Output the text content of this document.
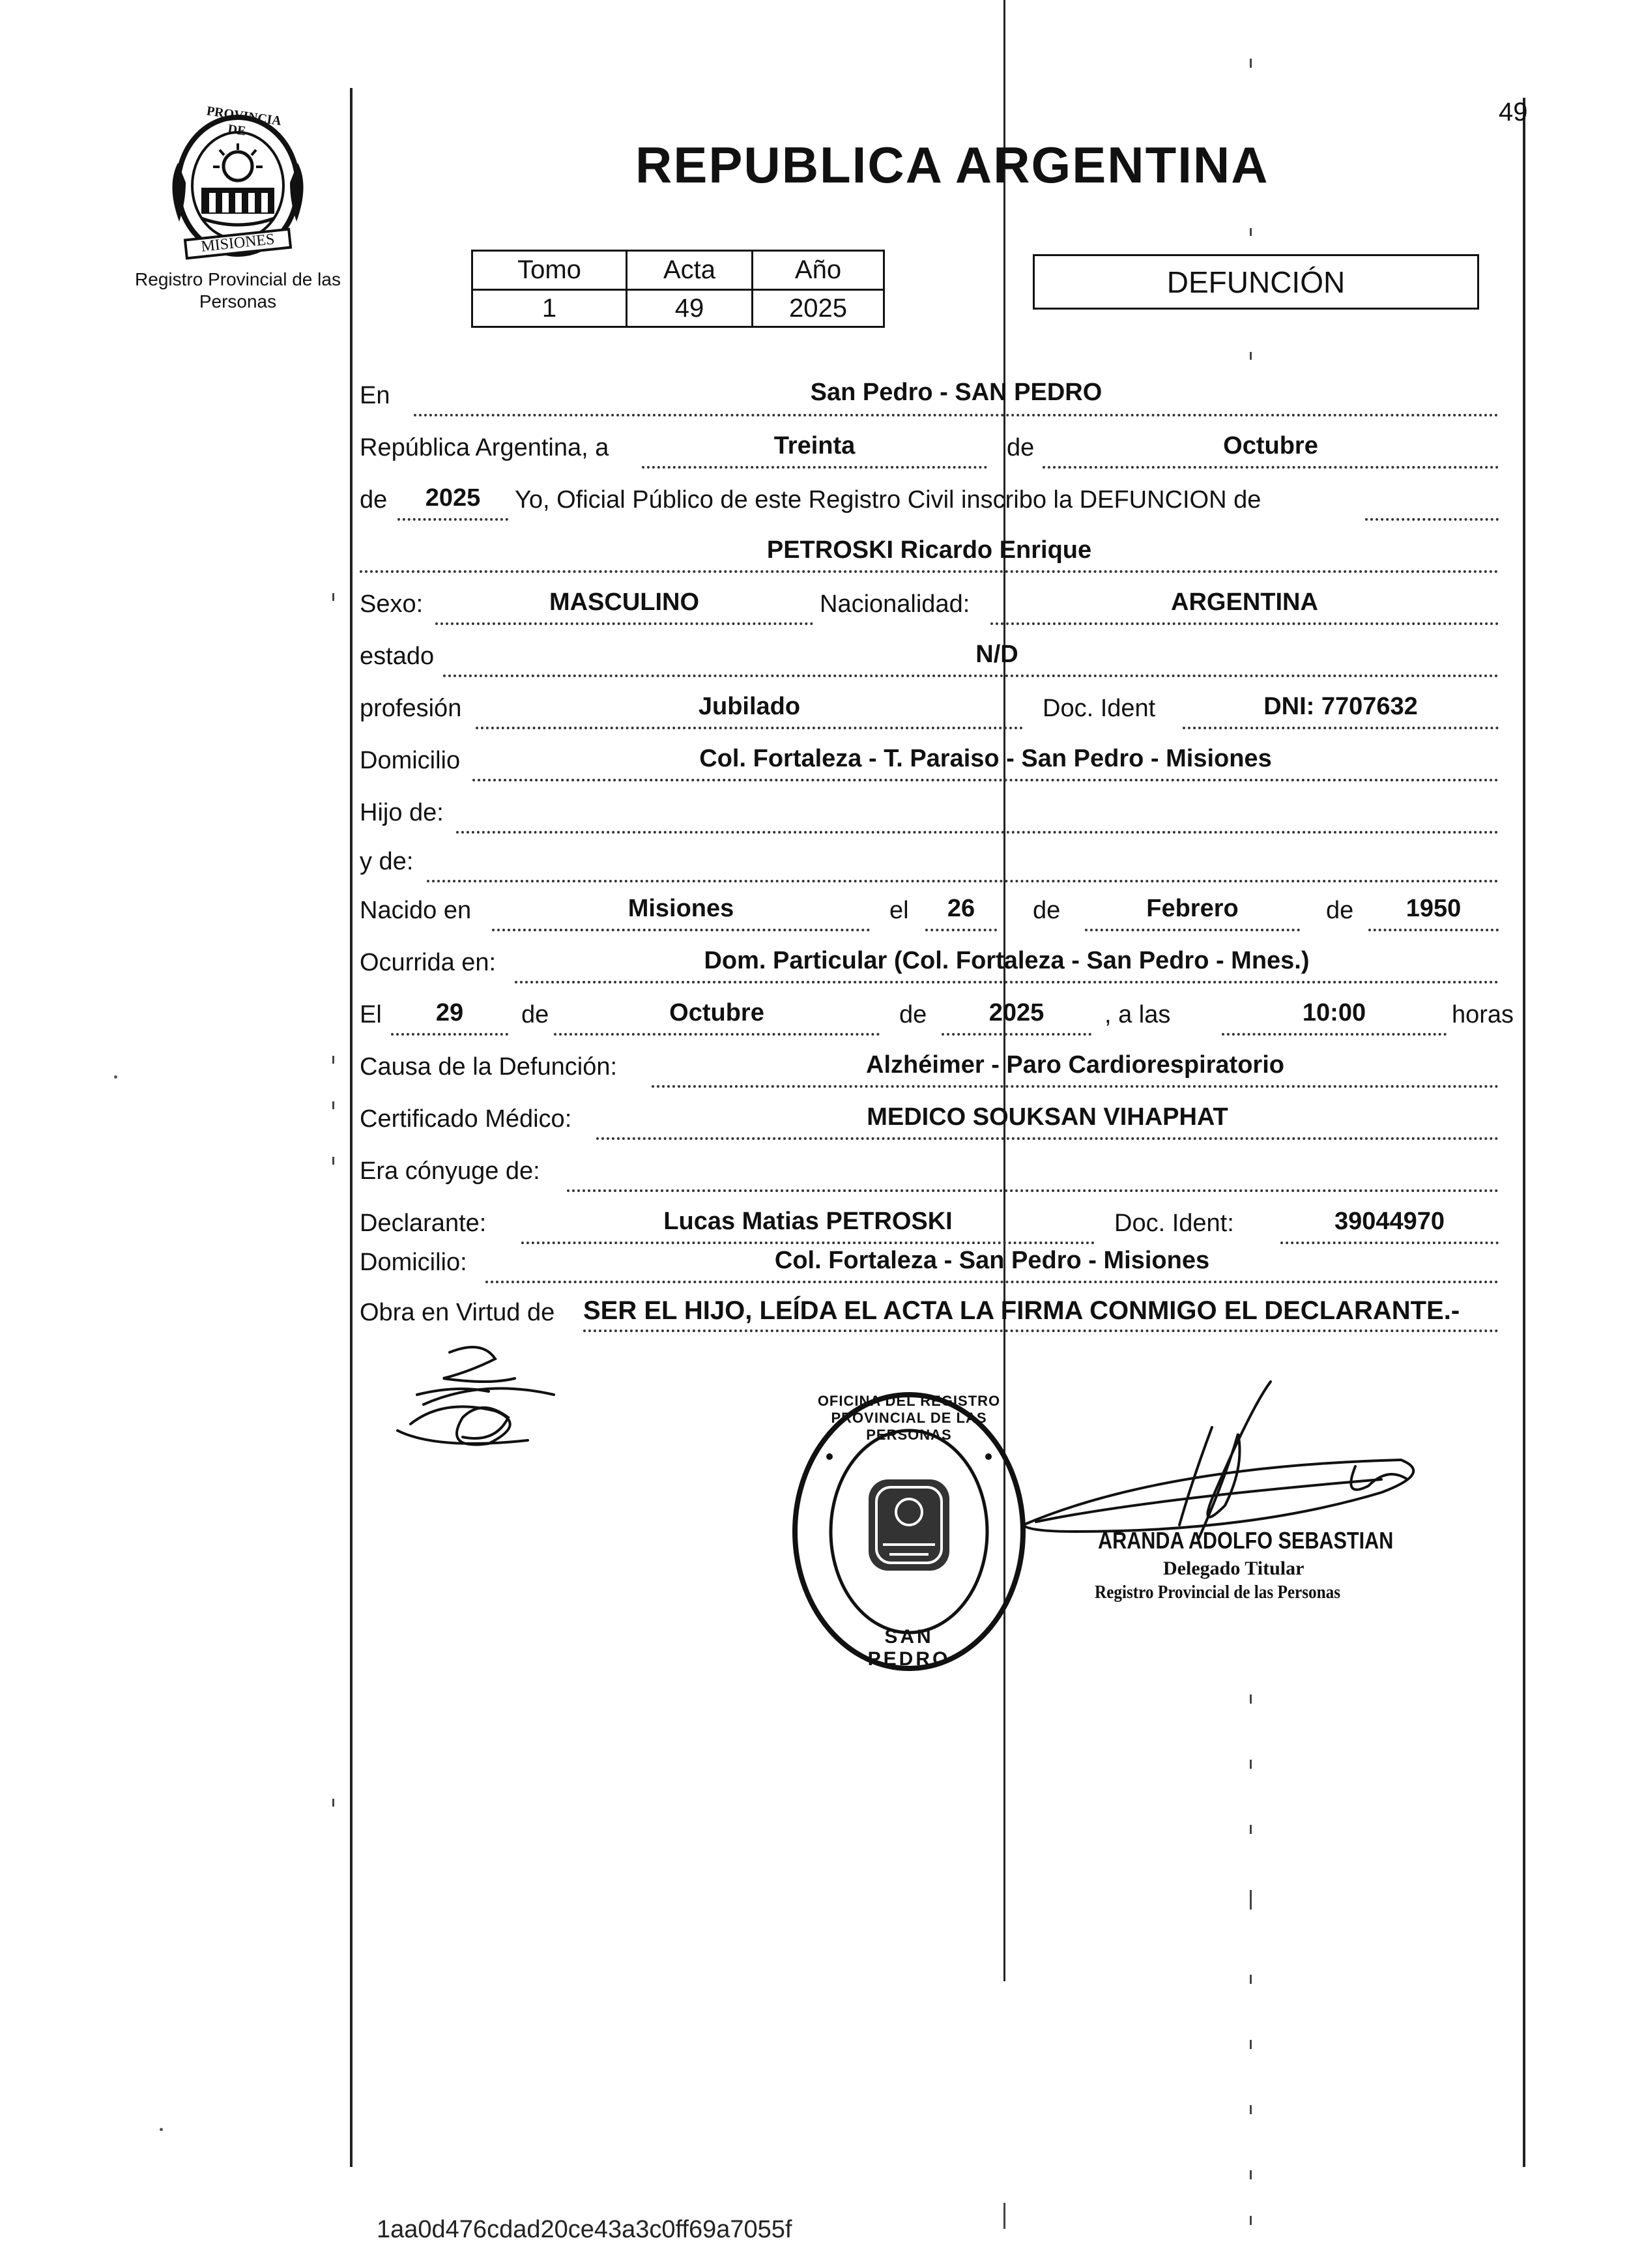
49
PROVINCIA DE
MISIONES
Registro Provincial de las Personas
REPUBLICA ARGENTINA
Tomo	Acta	Año
1	49	2025
DEFUNCIÓN
En	San Pedro - SAN PEDRO
República Argentina, a	Treinta	de	Octubre
de	2025	Yo, Oficial Público de este Registro Civil inscribo la DEFUNCION de
PETROSKI Ricardo Enrique
Sexo:	MASCULINO	Nacionalidad:	ARGENTINA
estado	N/D
profesión	Jubilado	Doc. Ident	DNI: 7707632
Domicilio	Col. Fortaleza - T. Paraiso - San Pedro - Misiones
Hijo de:
y de:
Nacido en	Misiones	el	26	de	Febrero	de	1950
Ocurrida en:	Dom. Particular (Col. Fortaleza - San Pedro - Mnes.)
El	29	de	Octubre	de	2025	, a las	10:00	horas
Causa de la Defunción:	Alzhéimer - Paro Cardiorespiratorio
Certificado Médico:	MEDICO SOUKSAN VIHAPHAT
Era cónyuge de:
Declarante:	Lucas Matias PETROSKI	Doc. Ident:	39044970
Domicilio:	Col. Fortaleza - San Pedro - Misiones
Obra en Virtud de SER EL HIJO, LEÍDA EL ACTA LA FIRMA CONMIGO EL DECLARANTE.-
OFICINA DEL REGISTRO PROVINCIAL DE LAS PERSONAS
SAN PEDRO
ARANDA ADOLFO SEBASTIAN
Delegado Titular
Registro Provincial de las Personas
1aa0d476cdad20ce43a3c0ff69a7055f
